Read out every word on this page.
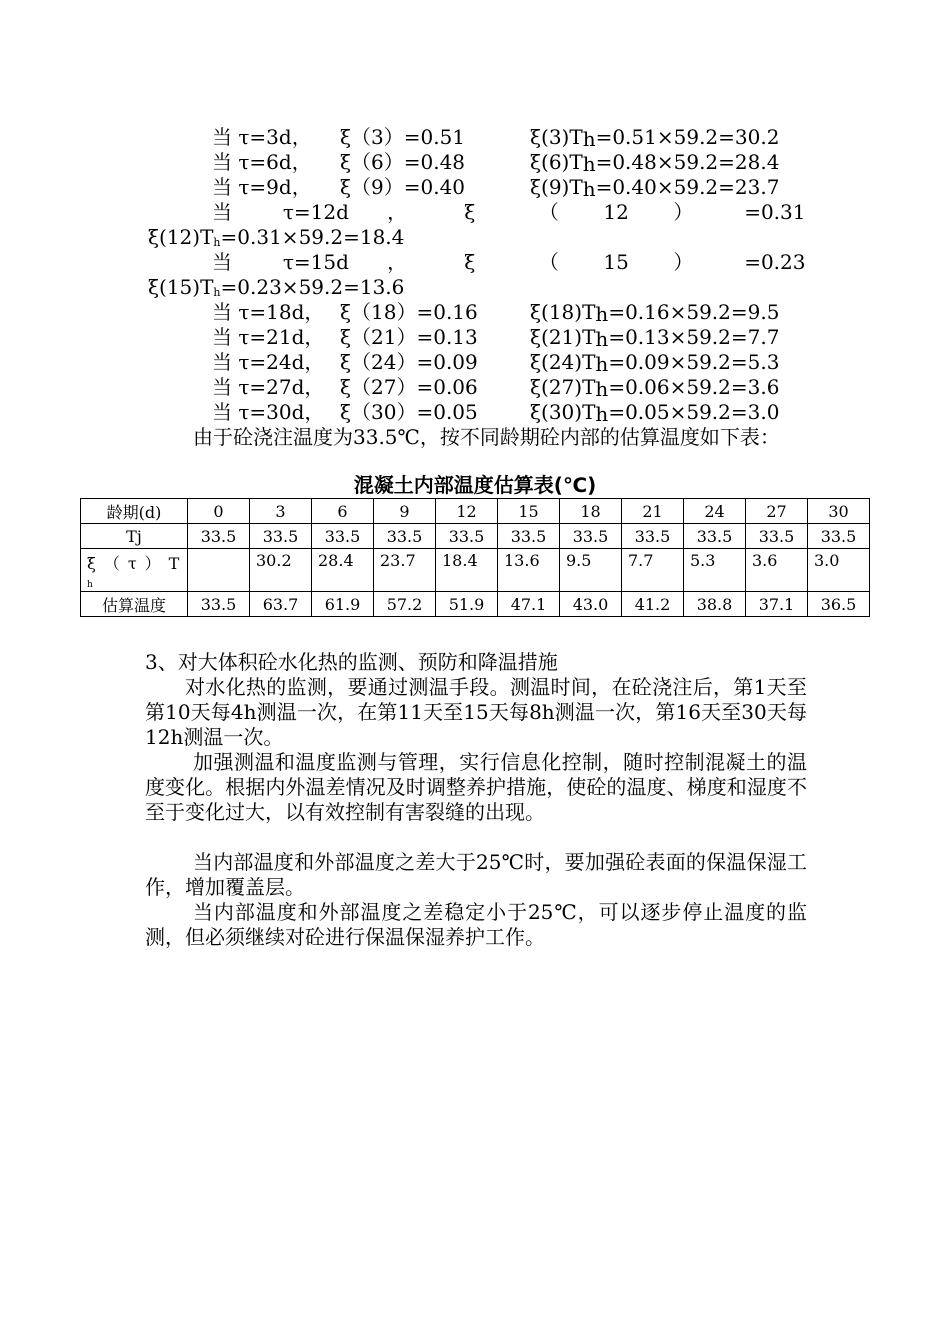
当 τ=3d， ξ（3）=0.51	ξ(3)Th=0.51×59.2=30.2
当 τ=6d， ξ（6）=0.48	ξ(6)Th=0.48×59.2=28.4
当 τ=9d， ξ（9）=0.40	ξ(9)Th=0.40×59.2=23.7
当        τ=12d      ，         ξ          （       12       ）        =0.31
ξ(12)Th=0.31×59.2=18.4
当        τ=15d      ，         ξ          （       15       ）        =0.23
ξ(15)Th=0.23×59.2=13.6
当 τ=18d， ξ（18）=0.16	ξ(18)Th=0.16×59.2=9.5
当 τ=21d， ξ（21）=0.13	ξ(21)Th=0.13×59.2=7.7
当 τ=24d， ξ（24）=0.09	ξ(24)Th=0.09×59.2=5.3
当 τ=27d， ξ（27）=0.06	ξ(27)Th=0.06×59.2=3.6
当 τ=30d， ξ（30）=0.05	ξ(30)Th=0.05×59.2=3.0
由于砼浇注温度为33.5℃，按不同龄期砼内部的估算温度如下表：
混凝土内部温度估算表(℃)
龄期(d)	0	3	6	9	12	15	18	21	24	27	30
Tj	33.5	33.5	33.5	33.5	33.5	33.5	33.5	33.5	33.5	33.5	33.5
ξ（τ）T
h		30.2	28.4	23.7	18.4	13.6	9.5	7.7	5.3	3.6	3.0
估算温度	33.5	63.7	61.9	57.2	51.9	47.1	43.0	41.2	38.8	37.1	36.5
3、对大体积砼水化热的监测、预防和降温措施
对水化热的监测，要通过测温手段。测温时间，在砼浇注后，第1天至第10天每4h测温一次，在第11天至15天每8h测温一次，第16天至30天每12h测温一次。
加强测温和温度监测与管理，实行信息化控制，随时控制混凝土的温度变化。根据内外温差情况及时调整养护措施，使砼的温度、梯度和湿度不至于变化过大，以有效控制有害裂缝的出现。
当内部温度和外部温度之差大于25℃时，要加强砼表面的保温保湿工作，增加覆盖层。
当内部温度和外部温度之差稳定小于25℃，可以逐步停止温度的监测，但必须继续对砼进行保温保湿养护工作。
